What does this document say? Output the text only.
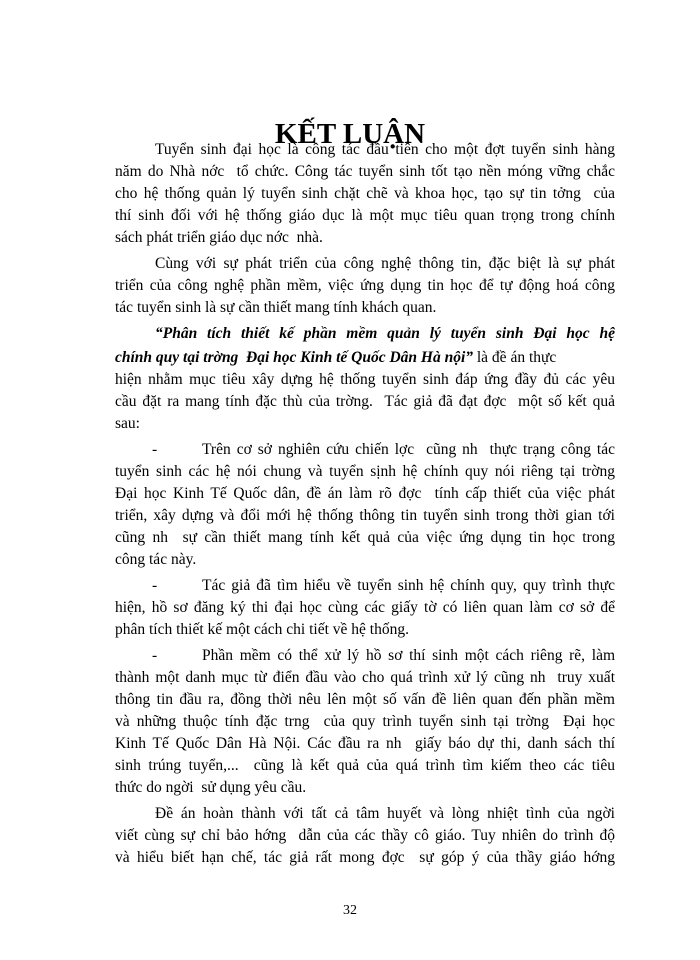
KẾT LUẬN
Tuyển sinh đại học là công tác đầu tiên cho một đợt tuyển sinh hàng
năm do Nhà nớc  tổ chức. Công tác tuyển sinh tốt tạo nền móng vững chắc
cho hệ thống quản lý tuyển sinh chặt chẽ và khoa học, tạo sự tin tởng  của
thí sinh đối với hệ thống giáo dục là một mục tiêu quan trọng trong chính
sách phát triển giáo dục nớc  nhà.
Cùng với sự phát triển của công nghệ thông tin, đặc biệt là sự phát
triển của công nghệ phần mềm, việc ứng dụng tin học để tự động hoá công
tác tuyển sinh là sự cần thiết mang tính khách quan.
“Phân tích thiết kế phần mềm quản lý tuyển sinh Đại học hệ
chính quy tại trờng  Đại học Kinh tế Quốc Dân Hà nội” là đề án thực
hiện nhằm mục tiêu xây dựng hệ thống tuyển sinh đáp ứng đầy đủ các yêu
cầu đặt ra mang tính đặc thù của trờng.  Tác giả đã đạt đợc  một số kết quả
sau:
-	Trên cơ sở nghiên cứu chiến lợc  cũng nh  thực trạng công tác
tuyển sinh các hệ nói chung và tuyển sịnh hệ chính quy nói riêng tại trờng
Đại học Kinh Tế Quốc dân, đề án làm rõ đợc  tính cấp thiết của việc phát
triển, xây dựng và đổi mới hệ thống thông tin tuyển sinh trong thời gian tới
cũng nh  sự cần thiết mang tính kết quả của việc ứng dụng tin học trong
công tác này.
-	Tác giả đã tìm hiểu về tuyển sinh hệ chính quy, quy trình thực
hiện, hồ sơ đăng ký thi đại học cùng các giấy tờ có liên quan làm cơ sở để
phân tích thiết kế một cách chi tiết về hệ thống.
-	Phần mềm có thể xử lý hồ sơ thí sinh một cách riêng rẽ, làm
thành một danh mục từ điển đầu vào cho quá trình xử lý cũng nh  truy xuất
thông tin đầu ra, đồng thời nêu lên một số vấn đề liên quan đến phần mềm
và những thuộc tính đặc trng  của quy trình tuyển sinh tại trờng  Đại học
Kinh Tế Quốc Dân Hà Nội. Các đầu ra nh  giấy báo dự thi, danh sách thí
sinh trúng tuyển,...  cũng là kết quả của quá trình tìm kiếm theo các tiêu
thức do ngời  sử dụng yêu cầu.
Đề án hoàn thành với tất cả tâm huyết và lòng nhiệt tình của ngời
viết cùng sự chỉ bảo hớng  dẫn của các thầy cô giáo. Tuy nhiên do trình độ
và hiểu biết hạn chế, tác giả rất mong đợc  sự góp ý của thầy giáo hớng
32
